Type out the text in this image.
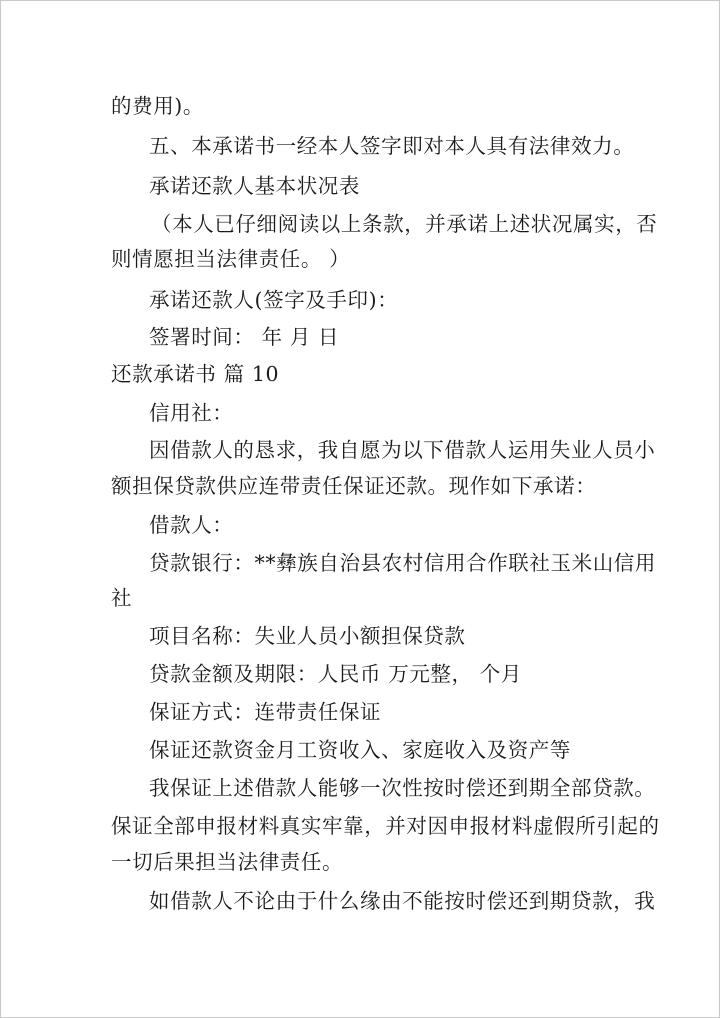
的费用)。
五、本承诺书一经本人签字即对本人具有法律效力。
承诺还款人基本状况表
（本人已仔细阅读以上条款，并承诺上述状况属实，否
则情愿担当法律责任。 ）
承诺还款人(签字及手印)：
签署时间： 年 月 日
还款承诺书 篇 10
信用社：
因借款人的恳求，我自愿为以下借款人运用失业人员小
额担保贷款供应连带责任保证还款。现作如下承诺：
借款人：
贷款银行：**彝族自治县农村信用合作联社玉米山信用
社
项目名称：失业人员小额担保贷款
贷款金额及期限：人民币 万元整， 个月
保证方式：连带责任保证
保证还款资金月工资收入、家庭收入及资产等
我保证上述借款人能够一次性按时偿还到期全部贷款。
保证全部申报材料真实牢靠，并对因申报材料虚假所引起的
一切后果担当法律责任。
如借款人不论由于什么缘由不能按时偿还到期贷款，我
